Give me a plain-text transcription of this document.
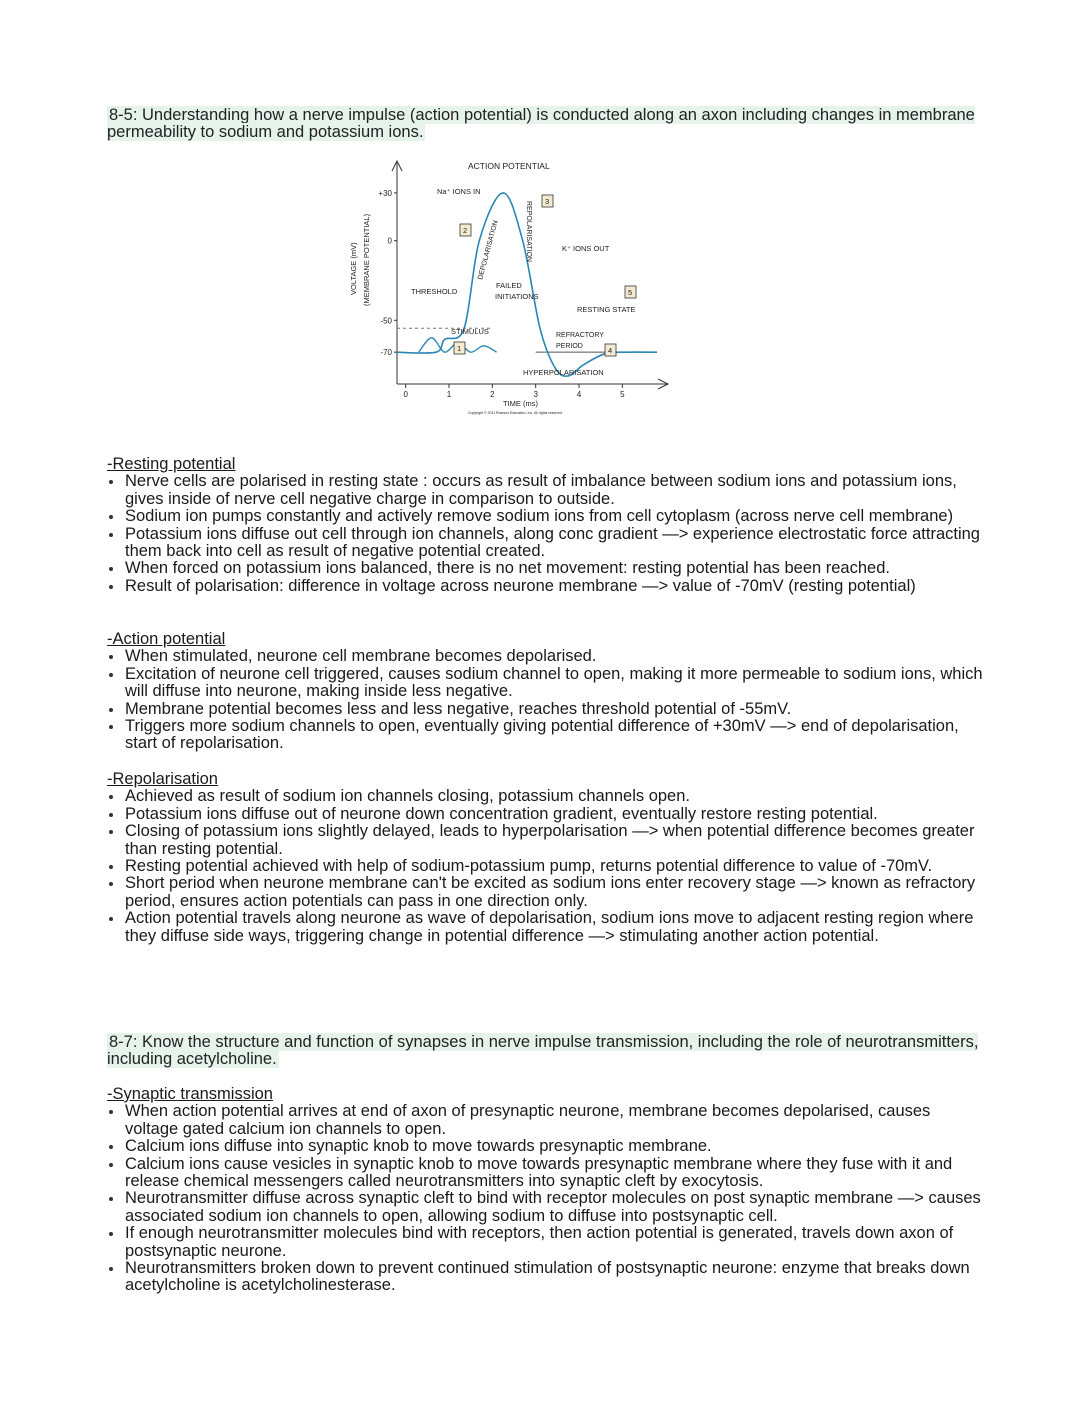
8-5: Understanding how a nerve impulse (action potential) is conducted along an axon including changes in membrane permeability to sodium and potassium ions.
+30
0
-50
-70
0	1	2	3	4	5
ACTION POTENTIAL
Na⁺ IONS IN
K⁺ IONS OUT
DEPOLARISATION	REPOLARISATION
THRESHOLD
FAILED
INITIATIONS
RESTING STATE
STIMULUS	REFRACTORY
PERIOD
HYPERPOLARISATION
TIME (ms)
Copyright © 2011 Pearson Education, Inc. All rights reserved.
VOLTAGE (mV) (MEMBRANE POTENTIAL)
1
2
3
4
5
-Resting potential
Nerve cells are polarised in resting state : occurs as result of imbalance between sodium ions and potassium ions, gives inside of nerve cell negative charge in comparison to outside.
Sodium ion pumps constantly and actively remove sodium ions from cell cytoplasm (across nerve cell membrane)
Potassium ions diffuse out cell through ion channels, along conc gradient —> experience electrostatic force attracting them back into cell as result of negative potential created.
When forced on potassium ions balanced, there is no net movement: resting potential has been reached.
Result of polarisation: difference in voltage across neurone membrane —> value of -70mV (resting potential)
-Action potential
When stimulated, neurone cell membrane becomes depolarised.
Excitation of neurone cell triggered, causes sodium channel to open, making it more permeable to sodium ions, which will diffuse into neurone, making inside less negative.
Membrane potential becomes less and less negative, reaches threshold potential of -55mV.
Triggers more sodium channels to open, eventually giving potential difference of +30mV —> end of depolarisation, start of repolarisation.
-Repolarisation
Achieved as result of sodium ion channels closing, potassium channels open.
Potassium ions diffuse out of neurone down concentration gradient, eventually restore resting potential.
Closing of potassium ions slightly delayed, leads to hyperpolarisation —> when potential difference becomes greater than resting potential.
Resting potential achieved with help of sodium-potassium pump, returns potential difference to value of -70mV.
Short period when neurone membrane can't be excited as sodium ions enter recovery stage —> known as refractory period, ensures action potentials can pass in one direction only.
Action potential travels along neurone as wave of depolarisation, sodium ions move to adjacent resting region where they diffuse side ways, triggering change in potential difference —> stimulating another action potential.
8-7: Know the structure and function of synapses in nerve impulse transmission, including the role of neurotransmitters, including acetylcholine.
-Synaptic transmission
When action potential arrives at end of axon of presynaptic neurone, membrane becomes depolarised, causes voltage gated calcium ion channels to open.
Calcium ions diffuse into synaptic knob to move towards presynaptic membrane.
Calcium ions cause vesicles in synaptic knob to move towards presynaptic membrane where they fuse with it and release chemical messengers called neurotransmitters into synaptic cleft by exocytosis.
Neurotransmitter diffuse across synaptic cleft to bind with receptor molecules on post synaptic membrane —> causes associated sodium ion channels to open, allowing sodium to diffuse into postsynaptic cell.
If enough neurotransmitter molecules bind with receptors, then action potential is generated, travels down axon of postsynaptic neurone.
Neurotransmitters broken down to prevent continued stimulation of postsynaptic neurone: enzyme that breaks down acetylcholine is acetylcholinesterase.
